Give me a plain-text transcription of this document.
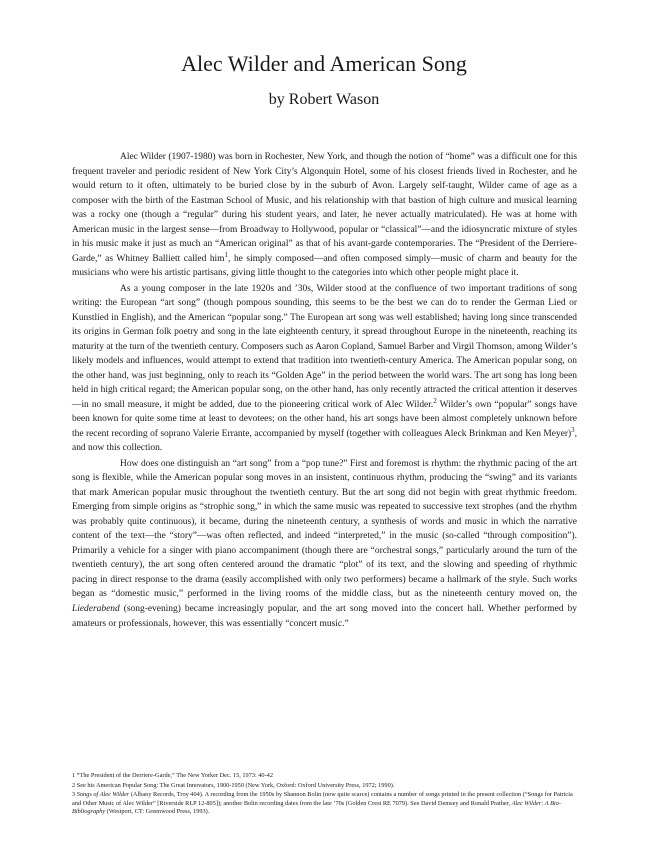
Alec Wilder and American Song
by Robert Wason

Alec Wilder (1907-1980) was born in Rochester, New York, and though the notion of “home” was a difficult one for this frequent traveler and periodic resident of New York City’s Algonquin Hotel, some of his closest friends lived in Rochester, and he would return to it often, ultimately to be buried close by in the suburb of Avon. Largely self-taught, Wilder came of age as a composer with the birth of the Eastman School of Music, and his relationship with that bastion of high culture and musical learning was a rocky one (though a “regular” during his student years, and later, he never actually matriculated). He was at home with American music in the largest sense—from Broadway to Hollywood, popular or “classical”—and the idiosyncratic mixture of styles in his music make it just as much an “American original” as that of his avant-garde contemporaries. The “President of the Derriere-Garde,” as Whitney Balliett called him$^1$, he simply composed—and often composed simply—music of charm and beauty for the musicians who were his artistic partisans, giving little thought to the categories into which other people might place it.

As a young composer in the late 1920s and ’30s, Wilder stood at the confluence of two important traditions of song writing: the European “art song” (though pompous sounding, this seems to be the best we can do to render the German Lied or Kunstlied in English), and the American “popular song.” The European art song was well established; having long since transcended its origins in German folk poetry and song in the late eighteenth century, it spread throughout Europe in the nineteenth, reaching its maturity at the turn of the twentieth century. Composers such as Aaron Copland, Samuel Barber and Virgil Thomson, among Wilder’s likely models and influences, would attempt to extend that tradition into twentieth-century America. The American popular song, on the other hand, was just beginning, only to reach its “Golden Age” in the period between the world wars. The art song has long been held in high critical regard; the American popular song, on the other hand, has only recently attracted the critical attention it deserves—in no small measure, it might be added, due to the pioneering critical work of Alec Wilder.$^2$ Wilder’s own “popular” songs have been known for quite some time at least to devotees; on the other hand, his art songs have been almost completely unknown before the recent recording of soprano Valerie Errante, accompanied by myself (together with colleagues Aleck Brinkman and Ken Meyer)$^3$, and now this collection.

How does one distinguish an “art song” from a “pop tune?” First and foremost is rhythm: the rhythmic pacing of the art song is flexible, while the American popular song moves in an insistent, continuous rhythm, producing the “swing” and its variants that mark American popular music throughout the twentieth century. But the art song did not begin with great rhythmic freedom. Emerging from simple origins as “strophic song,” in which the same music was repeated to successive text strophes (and the rhythm was probably quite continuous), it became, during the nineteenth century, a synthesis of words and music in which the narrative content of the text—the “story”—was often reflected, and indeed “interpreted,” in the music (so-called “through composition”). Primarily a vehicle for a singer with piano accompaniment (though there are “orchestral songs,” particularly around the turn of the twentieth century), the art song often centered around the dramatic “plot” of its text, and the slowing and speeding of rhythmic pacing in direct response to the drama (easily accomplished with only two performers) became a hallmark of the style. Such works began as “domestic music,” performed in the living rooms of the middle class, but as the nineteenth century moved on, the Liederabend (song-evening) became increasingly popular, and the art song moved into the concert hall. Whether performed by amateurs or professionals, however, this was essentially “concert music.”

1 “The President of the Derriere-Garde,” The New Yorker Dec. 15, 1973: 40-42

2 See his American Popular Song: The Great Innovators, 1900-1950 (New York, Oxford: Oxford University Press, 1972; 1990).

3 Songs of Alec Wilder (Albany Records, Troy 404). A recording from the 1950s by Shannon Bolin (now quite scarce) contains a number of songs printed in the present collection (“Songs for Patricia and Other Music of Alec Wilder” [Riverside RLP 12-805]); another Bolin recording dates from the late ’70s (Golden Crest RE 7079). See David Demsey and Ronald Prather, Alec Wilder: A Bio-Bibliography (Westport, CT: Greenwood Press, 1993).
